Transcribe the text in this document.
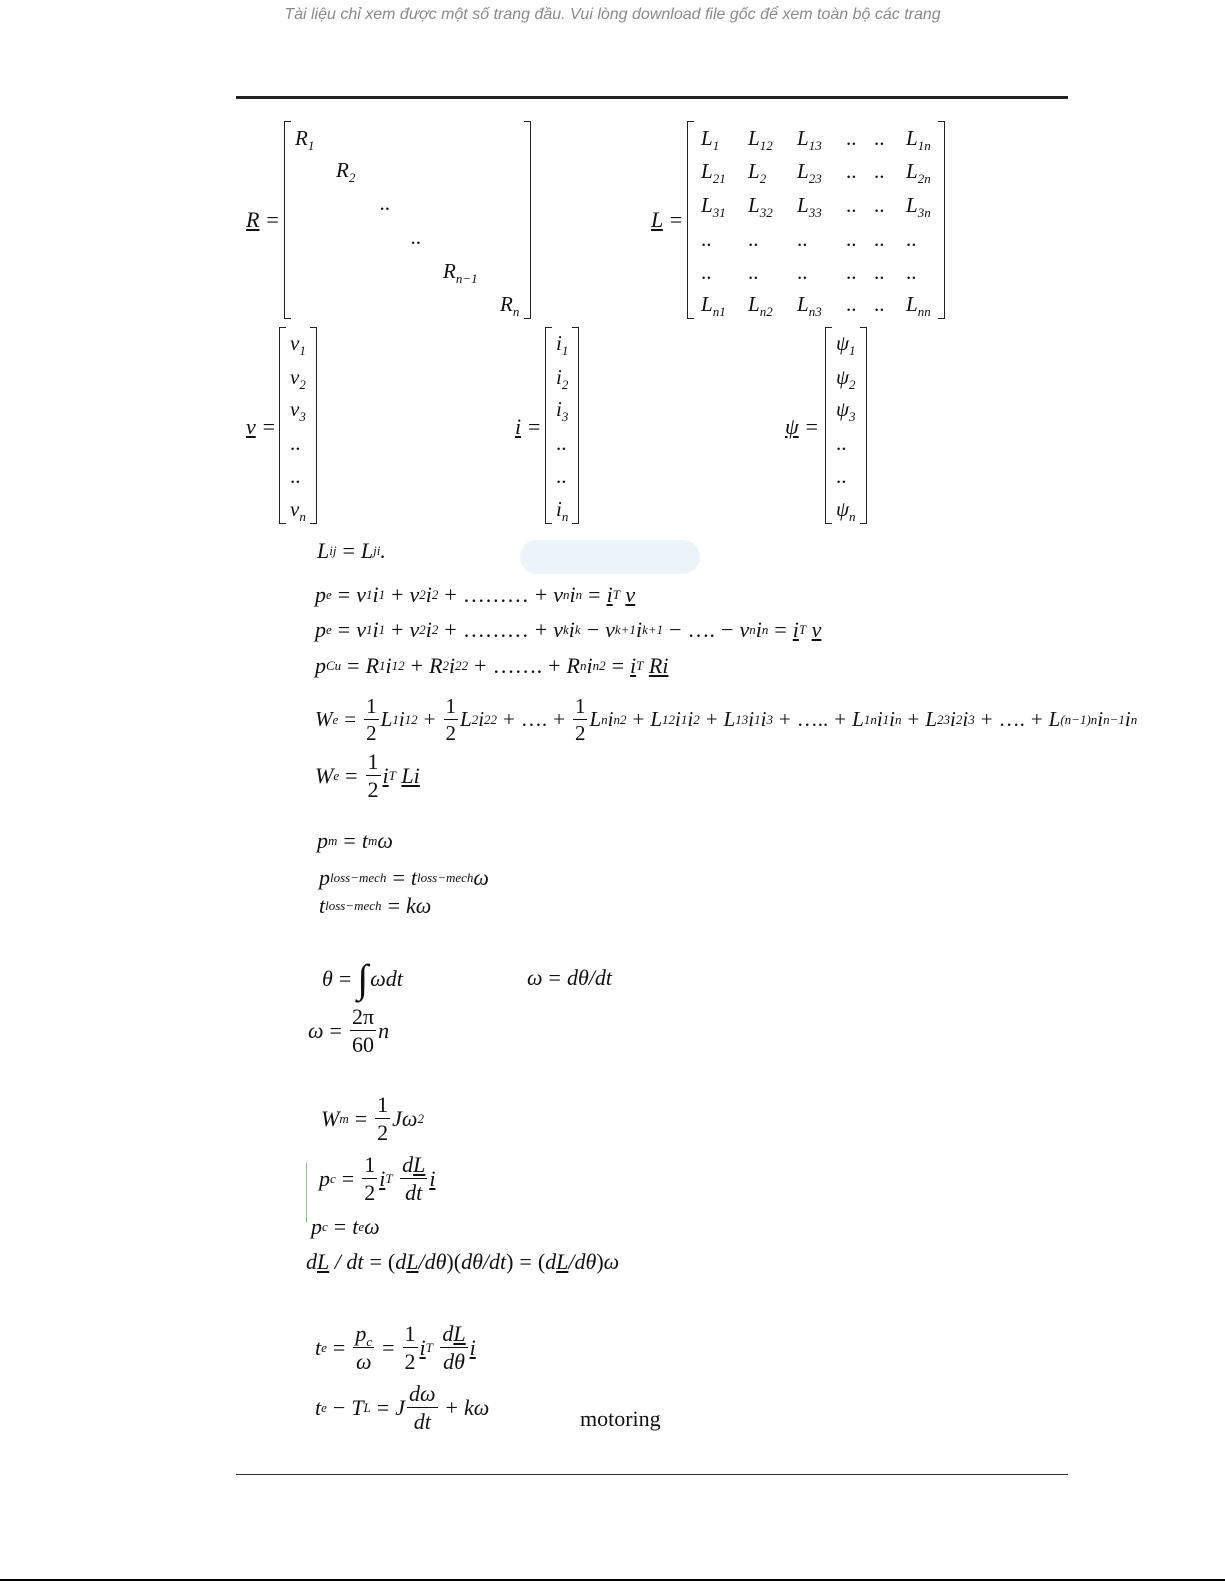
Tài liệu chỉ xem được một số trang đầu. Vui lòng download file gốc để xem toàn bộ các trang
R =
$R_1$
$R_2$
..
..
$R_{n-1}$
$R_n$
L =
$L_1$ $L_{12}$ $L_{13}$ .. .. $L_{1n}$
$L_{21}$ $L_2$ $L_{23}$ .. .. $L_{2n}$
$L_{31}$ $L_{32}$ $L_{33}$ .. .. $L_{3n}$
.. .. .. .. .. ..
.. .. .. .. .. ..
$L_{n1}$ $L_{n2}$ $L_{n3}$ .. .. $L_{nn}$
v =
$v_1$
$v_2$
$v_3$
..
..
$v_n$
i =
$i_1$
$i_2$
$i_3$
..
..
$i_n$
ψ =
$\psi_1$
$\psi_2$
$\psi_3$
..
..
$\psi_n$
L ij = L ji .
p e = v 1 i 1 + v 2 i 2 + ……… + v n i n = i T
v
p e = v 1 i 1 + v 2 i 2 + ……… + v k i k − v k+1 i k+1 − …. − v n i n = i T
v
p Cu = R 1 i 1 2 + R 2 i 2 2 + ……. + R n i n 2 = i T
Ri
W $e = \frac{1}{2}$ L 1 i 1 $2 + \frac{1}{2}$ L 2 i 2 2 + …. + $\frac{1}{2}$ L n i n 2 + L 12 i 1 i 2 + L 13 i 1 i 3 + ….. + L 1n i 1 i n + L 23 i 2 i 3 + …. + L (n−1)n i n−1 i n
W $e = \frac{1}{2}$ i T
Li
p m = t m ω
p loss−mech = t loss−mech ω
t loss−mech = kω
θ = ∫ ωdt	ω = dθ/dt
$\omega = \frac{2\pi}{60}$ n
W $m = \frac{1}{2}$ Jω 2
p $c = \frac{1}{2}$ i T
$\frac{dL}{dt}$ i
p c = t e ω
d L / dt = ( d L /dθ )( dθ/dt ) = ( d L /dθ ) ω
t $e = \frac{p_c}{\omega} = \frac{1}{2}$ i T
$\frac{dL}{d\theta}$ i
t e − T L = J $\frac{d\omega}{dt} + k\omega$	motoring
